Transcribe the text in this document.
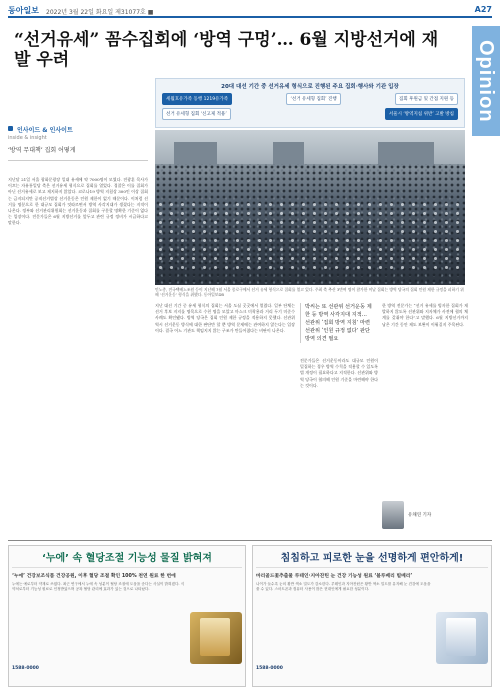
동아일보 2022년 3월 22일 화요일 제31077호 ■	A27
Opinion
“선거유세” 꼼수집회에 ‘방역 구멍’… 6월 지방선거에 재발 우려
인사이드 & 인사이트
inside & insight
‘방역 무대책’ 집회 어떻게

지난달 21일 서울 광화문광장 일대 유세에 약 7000명이 모였다. 전광훈 목사가 이끄는 자유통일당 측은 선거유세 형식으로 집회를 열었다. 경찰은 이를 집회가 아닌 선거유세로 보고 제지하지 않았다. 코로나19 방역 지침상 300인 이상 집회는 금지되지만 공직선거법상 선거운동은 인원 제한이 없기 때문이다. 이처럼 선거를 명분으로 한 대규모 집회가 잇따르면서 방역 사각지대가 생겼다는 지적이 나온다. 정부와 선거관리위원회는 선거운동과 집회를 구분할 명확한 기준이 없다는 입장이다. 전문가들은 6월 지방선거를 앞두고 관련 규정 정비가 시급하다고 말한다.

20대 대선 기간 중 선거유세 형식으로 진행된 주요 집회·행사와 기관 입장
세월호유가족 동행 1219유가족	‘선거 유세형 집회’ 진행	집회 후원금 및 간접 지원 등
선거 유세형 집회 ‘신고제 적용’	서울시 ‘방역지침 위반’ 고발 방침

민노총, 전국택배노조원 등이 지난해 7월 서울 종로구에서 선거 유세 형식으로 집회를 열고 있다. 주최 측 추산 3만여 명이 참가한 이날 집회는 방역 당국의 집회 인원 제한 규정을 피하기 위해 ‘선거운동’ 형식을 취했다. 동아일보DB

지난 대선 기간 중 유세 형식의 집회는 서울 도심 곳곳에서 열렸다. 일부 단체는 선거 후보 지지를 명목으로 수천 명을 모았고 마스크 미착용과 거리 두기 미준수 사례도 확인됐다. 방역 당국은 집회 인원 제한 규정을 적용하지 못했다. 선관위 역시 선거운동 방식에 대한 판단만 할 뿐 방역 문제에는 관여하지 않는다는 입장이다. 결국 어느 기관도 책임지지 않는 구조가 만들어졌다는 비판이 나온다.

박씨는 또 선관위 선거운동 제한 등 방역 사각지대 지적… 선관위 ‘집회 방역 지침’ 마련 선관위 ‘인원 규정 없다’ 판단 방역 의견 필요

전문가들은 선거운동이라도 대규모 인원이 밀집하는 경우 방역 수칙을 적용할 수 있도록 법 개정이 필요하다고 지적한다. 선관위와 방역 당국이 협의해 인원 기준을 마련해야 한다는 것이다.

한 방역 전문가는 “선거 유세를 빙자한 집회가 재발하지 않도록 선관위와 지자체가 사전에 협의 체계를 갖춰야 한다”고 말했다. 6월 지방선거까지 남은 기간 동안 제도 보완이 이뤄질지 주목된다.

유채연 기자
‘누에’ 속 혈당조절 기능성 물질 밝혀져
‘누에’ 건강보조식품 건강공원, 이후 혈당 조절 확인 100% 천연 원료 한 번에

누에는 예로부터 약재로 쓰였다. 최근 연구에서 누에 속 성분이 혈당 조절에 도움을 준다는 사실이 밝혀졌다. 식약처로부터 기능성 원료로 인정받았으며 공복 혈당 관리에 효과가 있는 것으로 나타났다.

1588-0000
침침하고 피로한 눈을 선명하게 편안하게!
마리골드꽃추출물 루테인·지아잔틴 눈 건강 기능성 원료 ‘블루베리 빌베리’

나이가 들수록 눈의 황반 색소 밀도가 감소한다. 루테인과 지아잔틴은 황반 색소 밀도를 유지해 눈 건강에 도움을 줄 수 있다. 스마트폰과 컴퓨터 사용이 많은 현대인에게 필요한 성분이다.

1588-0000
